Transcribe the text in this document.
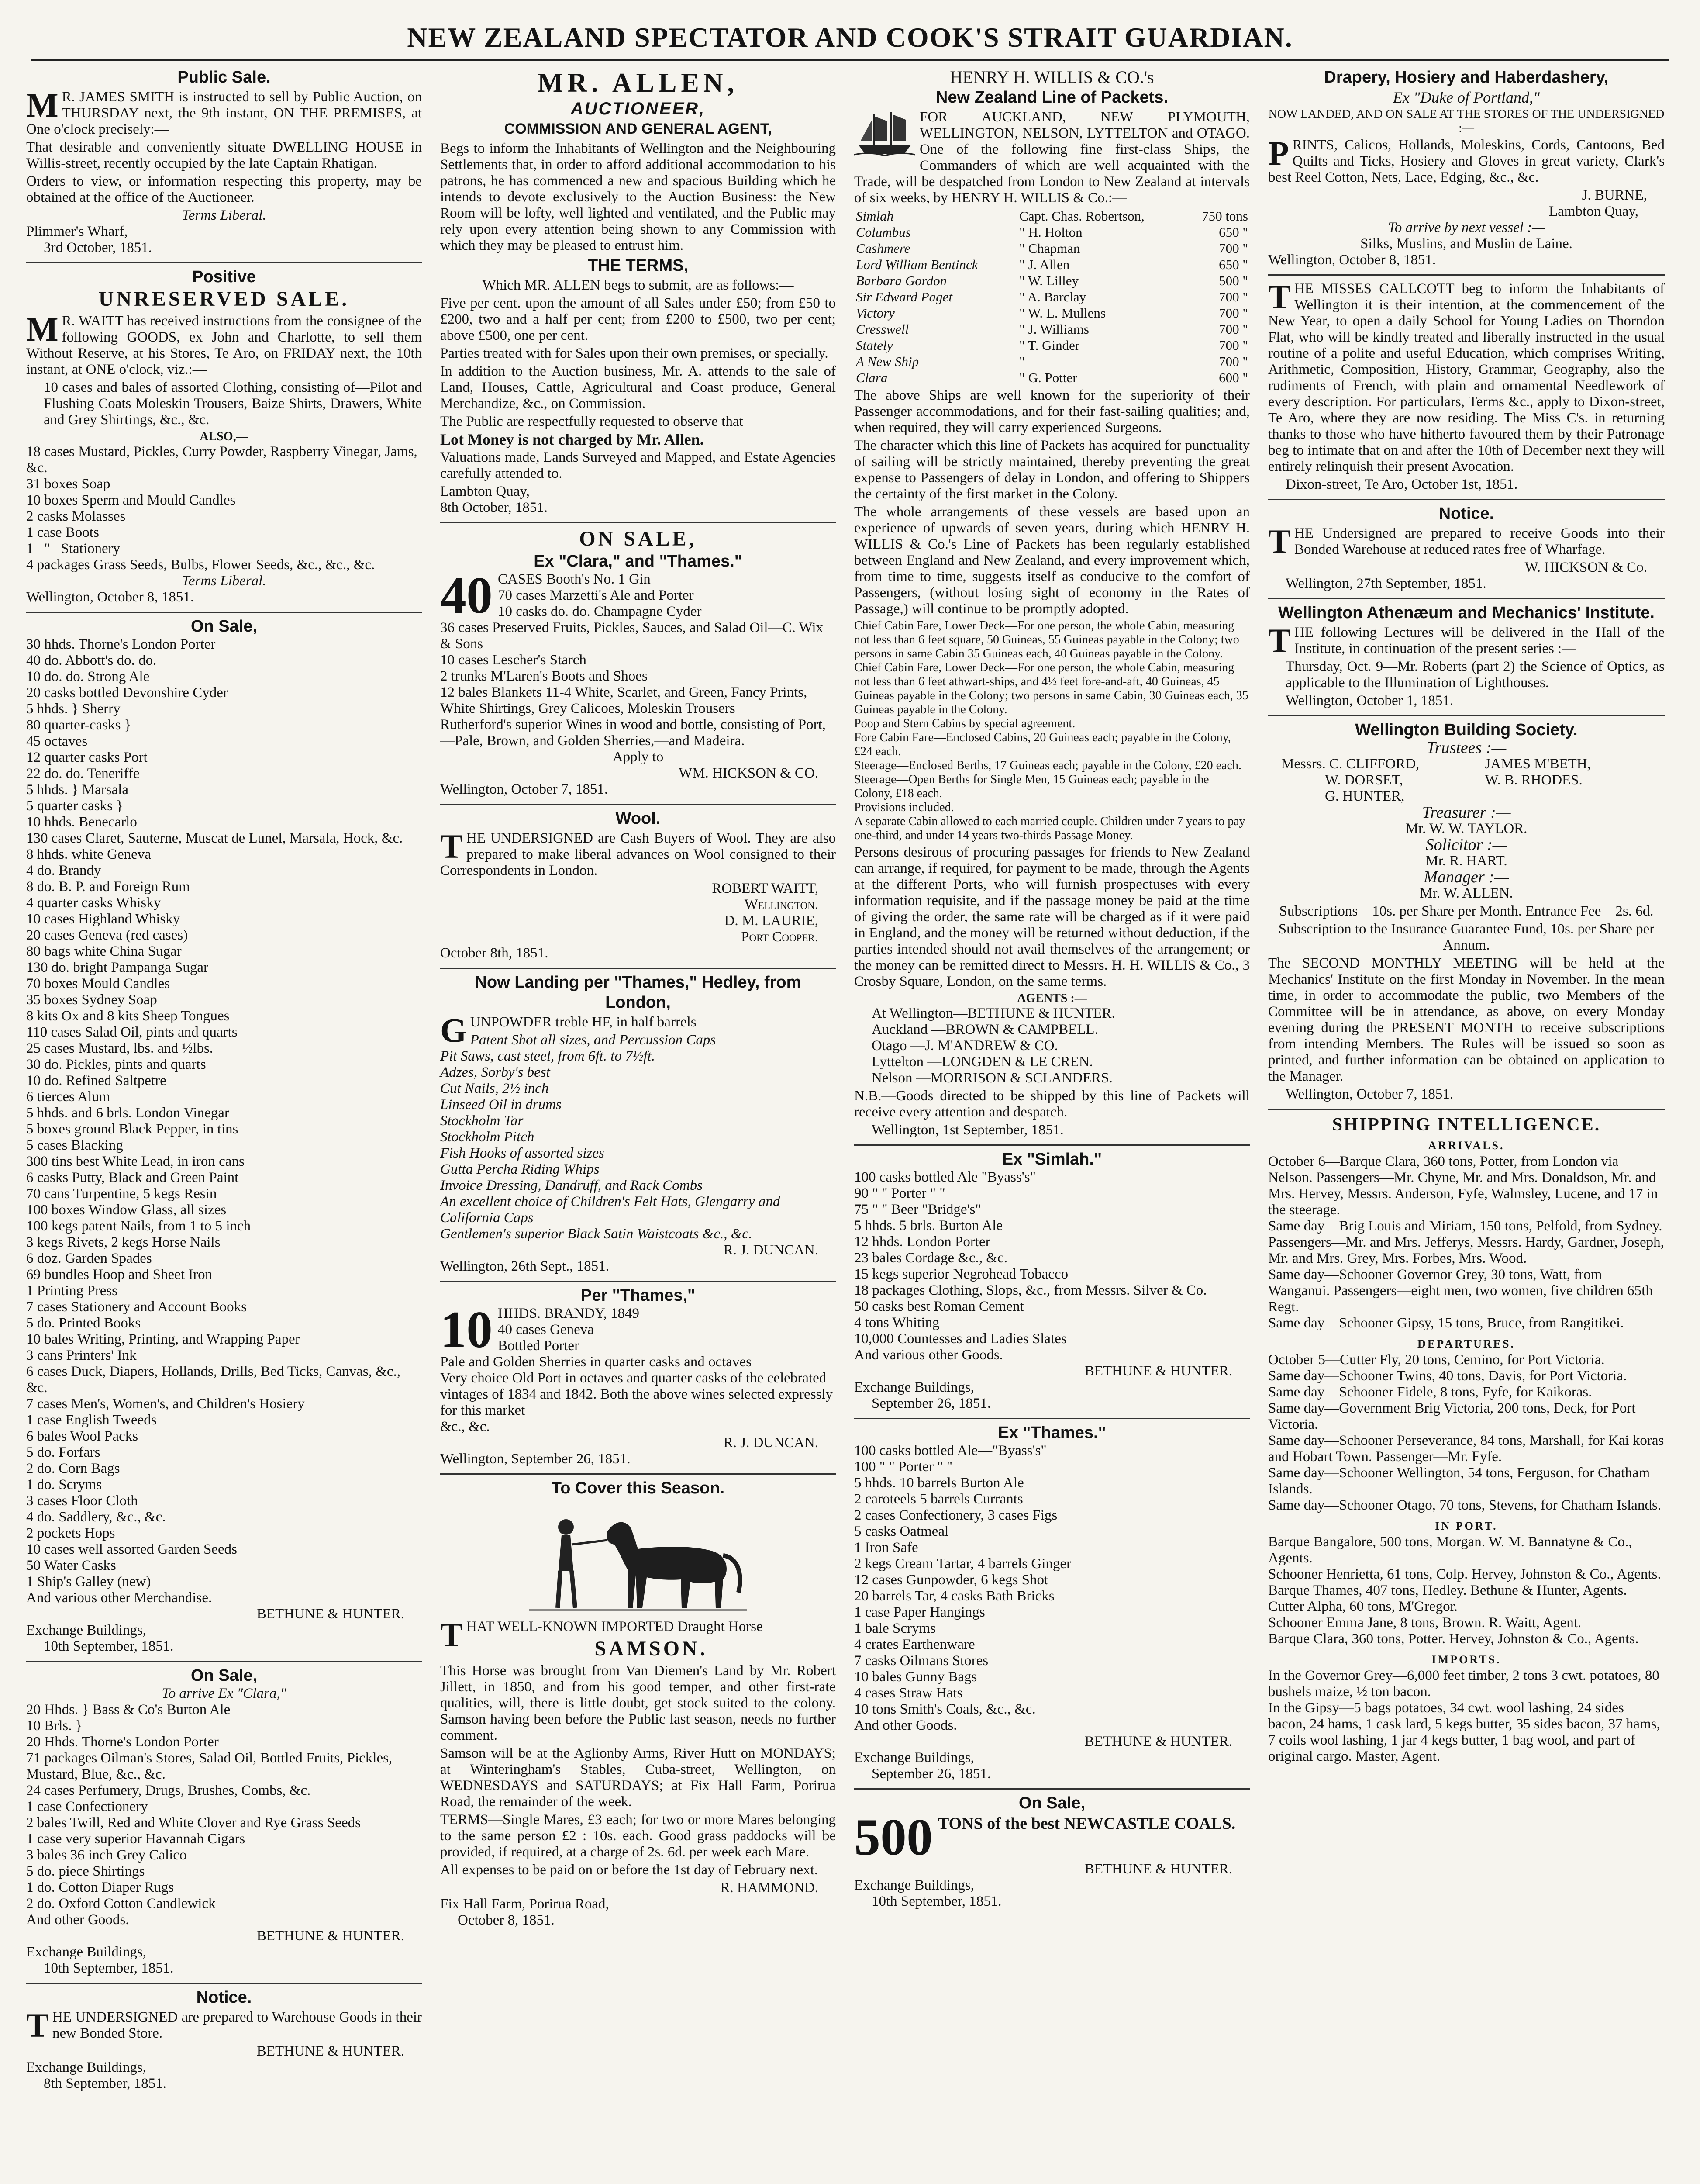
NEW ZEALAND SPECTATOR AND COOK'S STRAIT GUARDIAN.
Public Sale.

MR. JAMES SMITH is instructed to sell by Public Auction, on THURSDAY next, the 9th instant, ON THE PREMISES, at One o'clock precisely:—

That desirable and conveniently situate DWELLING HOUSE in Willis-street, recently occupied by the late Captain Rhatigan.

Orders to view, or information respecting this property, may be obtained at the office of the Auctioneer.

Terms Liberal.
Plimmer's Wharf,
3rd October, 1851.
Positive
UNRESERVED SALE.

MR. WAITT has received instructions from the consignee of the following GOODS, ex John and Charlotte, to sell them Without Reserve, at his Stores, Te Aro, on FRIDAY next, the 10th instant, at ONE o'clock, viz.:—

10 cases and bales of assorted Clothing, consisting of—Pilot and Flushing Coats Moleskin Trousers, Baize Shirts, Drawers, White and Grey Shirtings, &c., &c.

ALSO,—
18 cases Mustard, Pickles, Curry Powder, Raspberry Vinegar, Jams, &c.
31 boxes Soap
10 boxes Sperm and Mould Candles
2 casks Molasses
1 case Boots
1   "   Stationery
4 packages Grass Seeds, Bulbs, Flower Seeds, &c., &c., &c.
Terms Liberal.
Wellington, October 8, 1851.
On Sale,
30 hhds. Thorne's London Porter
40 do. Abbott's do. do.
10 do. do. Strong Ale
20 casks bottled Devonshire Cyder
5 hhds. } Sherry
80 quarter-casks }
45 octaves
12 quarter casks Port
22 do. do. Teneriffe
5 hhds. } Marsala
5 quarter casks }
10 hhds. Benecarlo
130 cases Claret, Sauterne, Muscat de Lunel, Marsala, Hock, &c.
8 hhds. white Geneva
4 do. Brandy
8 do. B. P. and Foreign Rum
4 quarter casks Whisky
10 cases Highland Whisky
20 cases Geneva (red cases)
80 bags white China Sugar
130 do. bright Pampanga Sugar
70 boxes Mould Candles
35 boxes Sydney Soap
8 kits Ox and 8 kits Sheep Tongues
110 cases Salad Oil, pints and quarts
25 cases Mustard, lbs. and ½lbs.
30 do. Pickles, pints and quarts
10 do. Refined Saltpetre
6 tierces Alum
5 hhds. and 6 brls. London Vinegar
5 boxes ground Black Pepper, in tins
5 cases Blacking
300 tins best White Lead, in iron cans
6 casks Putty, Black and Green Paint
70 cans Turpentine, 5 kegs Resin
100 boxes Window Glass, all sizes
100 kegs patent Nails, from 1 to 5 inch
3 kegs Rivets, 2 kegs Horse Nails
6 doz. Garden Spades
69 bundles Hoop and Sheet Iron
1 Printing Press
7 cases Stationery and Account Books
5 do. Printed Books
10 bales Writing, Printing, and Wrapping Paper
3 cans Printers' Ink
6 cases Duck, Diapers, Hollands, Drills, Bed Ticks, Canvas, &c., &c.
7 cases Men's, Women's, and Children's Hosiery
1 case English Tweeds
6 bales Wool Packs
5 do. Forfars
2 do. Corn Bags
1 do. Scryms
3 cases Floor Cloth
4 do. Saddlery, &c., &c.
2 pockets Hops
10 cases well assorted Garden Seeds
50 Water Casks
1 Ship's Galley (new)
And various other Merchandise.
BETHUNE & HUNTER.
Exchange Buildings,
10th September, 1851.
On Sale,
To arrive Ex "Clara,"
20 Hhds. } Bass & Co's Burton Ale
10 Brls. }
20 Hhds. Thorne's London Porter
71 packages Oilman's Stores, Salad Oil, Bottled Fruits, Pickles, Mustard, Blue, &c., &c.
24 cases Perfumery, Drugs, Brushes, Combs, &c.
1 case Confectionery
2 bales Twill, Red and White Clover and Rye Grass Seeds
1 case very superior Havannah Cigars
3 bales 36 inch Grey Calico
5 do. piece Shirtings
1 do. Cotton Diaper Rugs
2 do. Oxford Cotton Candlewick
And other Goods.
BETHUNE & HUNTER.
Exchange Buildings,
10th September, 1851.
Notice.

THE UNDERSIGNED are prepared to Warehouse Goods in their new Bonded Store.

BETHUNE & HUNTER.
Exchange Buildings,
8th September, 1851.
MR. ALLEN,
AUCTIONEER,
COMMISSION AND GENERAL AGENT,

Begs to inform the Inhabitants of Wellington and the Neighbouring Settlements that, in order to afford additional accommodation to his patrons, he has commenced a new and spacious Building which he intends to devote exclusively to the Auction Business: the New Room will be lofty, well lighted and ventilated, and the Public may rely upon every attention being shown to any Commission with which they may be pleased to entrust him.

THE TERMS,

Which MR. ALLEN begs to submit, are as follows:—

Five per cent. upon the amount of all Sales under £50; from £50 to £200, two and a half per cent; from £200 to £500, two per cent; above £500, one per cent.

Parties treated with for Sales upon their own premises, or specially.

In addition to the Auction business, Mr. A. attends to the sale of Land, Houses, Cattle, Agricultural and Coast produce, General Merchandize, &c., on Commission.

The Public are respectfully requested to observe that

Lot Money is not charged by Mr. Allen.

Valuations made, Lands Surveyed and Mapped, and Estate Agencies carefully attended to.

Lambton Quay,
8th October, 1851.
ON SALE,
Ex "Clara," and "Thames."
40 CASES Booth's No. 1 Gin
70 cases Marzetti's Ale and Porter
10 casks do. do. Champagne Cyder
36 cases Preserved Fruits, Pickles, Sauces, and Salad Oil—C. Wix & Sons
10 cases Lescher's Starch
2 trunks M'Laren's Boots and Shoes
12 bales Blankets 11-4 White, Scarlet, and Green, Fancy Prints, White Shirtings, Grey Calicoes, Moleskin Trousers
Rutherford's superior Wines in wood and bottle, consisting of Port,—Pale, Brown, and Golden Sherries,—and Madeira.
Apply to
WM. HICKSON & CO.
Wellington, October 7, 1851.
Wool.

THE UNDERSIGNED are Cash Buyers of Wool. They are also prepared to make liberal advances on Wool consigned to their Correspondents in London.

ROBERT WAITT,
Wellington.
D. M. LAURIE,
Port Cooper.
October 8th, 1851.
Now Landing per "Thames," Hedley, from London,

GUNPOWDER treble HF, in half barrels

Patent Shot all sizes, and Percussion Caps
Pit Saws, cast steel, from 6ft. to 7½ft.
Adzes, Sorby's best
Cut Nails, 2½ inch
Linseed Oil in drums
Stockholm Tar
Stockholm Pitch
Fish Hooks of assorted sizes
Gutta Percha Riding Whips
Invoice Dressing, Dandruff, and Rack Combs
An excellent choice of Children's Felt Hats, Glengarry and California Caps
Gentlemen's superior Black Satin Waistcoats &c., &c.
R. J. DUNCAN.
Wellington, 26th Sept., 1851.
Per "Thames,"
10 HHDS. BRANDY, 1849
40 cases Geneva
Bottled Porter
Pale and Golden Sherries in quarter casks and octaves
Very choice Old Port in octaves and quarter casks of the celebrated vintages of 1834 and 1842. Both the above wines selected expressly for this market
&c., &c.
R. J. DUNCAN.
Wellington, September 26, 1851.
To Cover this Season.

THAT WELL-KNOWN IMPORTED Draught Horse

SAMSON.

This Horse was brought from Van Diemen's Land by Mr. Robert Jillett, in 1850, and from his good temper, and other first-rate qualities, will, there is little doubt, get stock suited to the colony. Samson having been before the Public last season, needs no further comment.

Samson will be at the Aglionby Arms, River Hutt on MONDAYS; at Winteringham's Stables, Cuba-street, Wellington, on WEDNESDAYS and SATURDAYS; at Fix Hall Farm, Porirua Road, the remainder of the week.

TERMS—Single Mares, £3 each; for two or more Mares belonging to the same person £2 : 10s. each. Good grass paddocks will be provided, if required, at a charge of 2s. 6d. per week each Mare.

All expenses to be paid on or before the 1st day of February next.

R. HAMMOND.
Fix Hall Farm, Porirua Road,
October 8, 1851.
HENRY H. WILLIS & CO.'s
New Zealand Line of Packets.

FOR AUCKLAND, NEW PLYMOUTH, WELLINGTON, NELSON, LYTTELTON and OTAGO. One of the following fine first-class Ships, the Commanders of which are well acquainted with the Trade, will be despatched from London to New Zealand at intervals of six weeks, by HENRY H. WILLIS & Co.:—

Simlah	Capt. Chas. Robertson,	750 tons
Columbus	" H. Holton	650 "
Cashmere	" Chapman	700 "
Lord William Bentinck	" J. Allen	650 "
Barbara Gordon	" W. Lilley	500 "
Sir Edward Paget	" A. Barclay	700 "
Victory	" W. L. Mullens	700 "
Cresswell	" J. Williams	700 "
Stately	" T. Ginder	700 "
A New Ship	"	700 "
Clara	" G. Potter	600 "

The above Ships are well known for the superiority of their Passenger accommodations, and for their fast-sailing qualities; and, when required, they will carry experienced Surgeons.

The character which this line of Packets has acquired for punctuality of sailing will be strictly maintained, thereby preventing the great expense to Passengers of delay in London, and offering to Shippers the certainty of the first market in the Colony.

The whole arrangements of these vessels are based upon an experience of upwards of seven years, during which HENRY H. WILLIS & Co.'s Line of Packets has been regularly established between England and New Zealand, and every improvement which, from time to time, suggests itself as conducive to the comfort of Passengers, (without losing sight of economy in the Rates of Passage,) will continue to be promptly adopted.

Chief Cabin Fare, Lower Deck—For one person, the whole Cabin, measuring not less than 6 feet square, 50 Guineas, 55 Guineas payable in the Colony; two persons in same Cabin 35 Guineas each, 40 Guineas payable in the Colony.
Chief Cabin Fare, Lower Deck—For one person, the whole Cabin, measuring not less than 6 feet athwart-ships, and 4½ feet fore-and-aft, 40 Guineas, 45 Guineas payable in the Colony; two persons in same Cabin, 30 Guineas each, 35 Guineas payable in the Colony.
Poop and Stern Cabins by special agreement.
Fore Cabin Fare—Enclosed Cabins, 20 Guineas each; payable in the Colony, £24 each.
Steerage—Enclosed Berths, 17 Guineas each; payable in the Colony, £20 each.
Steerage—Open Berths for Single Men, 15 Guineas each; payable in the Colony, £18 each.
Provisions included.
A separate Cabin allowed to each married couple. Children under 7 years to pay one-third, and under 14 years two-thirds Passage Money.

Persons desirous of procuring passages for friends to New Zealand can arrange, if required, for payment to be made, through the Agents at the different Ports, who will furnish prospectuses with every information requisite, and if the passage money be paid at the time of giving the order, the same rate will be charged as if it were paid in England, and the money will be returned without deduction, if the parties intended should not avail themselves of the arrangement; or the money can be remitted direct to Messrs. H. H. WILLIS & Co., 3 Crosby Square, London, on the same terms.

AGENTS :—
At Wellington—BETHUNE & HUNTER.
Auckland —BROWN & CAMPBELL.
Otago —J. M'ANDREW & CO.
Lyttelton —LONGDEN & LE CREN.
Nelson —MORRISON & SCLANDERS.

N.B.—Goods directed to be shipped by this line of Packets will receive every attention and despatch.

Wellington, 1st September, 1851.
Ex "Simlah."
100 casks bottled Ale "Byass's"
90 " " Porter " "
75 " " Beer "Bridge's"
5 hhds. 5 brls. Burton Ale
12 hhds. London Porter
23 bales Cordage &c., &c.
15 kegs superior Negrohead Tobacco
18 packages Clothing, Slops, &c., from Messrs. Silver & Co.
50 casks best Roman Cement
4 tons Whiting
10,000 Countesses and Ladies Slates
And various other Goods.
BETHUNE & HUNTER.
Exchange Buildings,
September 26, 1851.
Ex "Thames."
100 casks bottled Ale—"Byass's"
100 " " Porter " "
5 hhds. 10 barrels Burton Ale
2 caroteels 5 barrels Currants
2 cases Confectionery, 3 cases Figs
5 casks Oatmeal
1 Iron Safe
2 kegs Cream Tartar, 4 barrels Ginger
12 cases Gunpowder, 6 kegs Shot
20 barrels Tar, 4 casks Bath Bricks
1 case Paper Hangings
1 bale Scryms
4 crates Earthenware
7 casks Oilmans Stores
10 bales Gunny Bags
4 cases Straw Hats
10 tons Smith's Coals, &c., &c.
And other Goods.
BETHUNE & HUNTER.
Exchange Buildings,
September 26, 1851.
On Sale,
500 TONS of the best NEWCASTLE COALS.
BETHUNE & HUNTER.
Exchange Buildings,
10th September, 1851.
Drapery, Hosiery and Haberdashery,
Ex "Duke of Portland,"
NOW LANDED, AND ON SALE AT THE STORES OF THE UNDERSIGNED :—

PRINTS, Calicos, Hollands, Moleskins, Cords, Cantoons, Bed Quilts and Ticks, Hosiery and Gloves in great variety, Clark's best Reel Cotton, Nets, Lace, Edging, &c., &c.

J. BURNE,
Lambton Quay,
To arrive by next vessel :—
Silks, Muslins, and Muslin de Laine.
Wellington, October 8, 1851.

THE MISSES CALLCOTT beg to inform the Inhabitants of Wellington it is their intention, at the commencement of the New Year, to open a daily School for Young Ladies on Thorndon Flat, who will be kindly treated and liberally instructed in the usual routine of a polite and useful Education, which comprises Writing, Arithmetic, Composition, History, Grammar, Geography, also the rudiments of French, with plain and ornamental Needlework of every description. For particulars, Terms &c., apply to Dixon-street, Te Aro, where they are now residing. The Miss C's. in returning thanks to those who have hitherto favoured them by their Patronage beg to intimate that on and after the 10th of December next they will entirely relinquish their present Avocation.

Dixon-street, Te Aro, October 1st, 1851.
Notice.

THE Undersigned are prepared to receive Goods into their Bonded Warehouse at reduced rates free of Wharfage.

W. HICKSON & Co.
Wellington, 27th September, 1851.
Wellington Athenæum and Mechanics' Institute.

THE following Lectures will be delivered in the Hall of the Institute, in continuation of the present series :—

Thursday, Oct. 9—Mr. Roberts (part 2) the Science of Optics, as applicable to the Illumination of Lighthouses.

Wellington, October 1, 1851.
Wellington Building Society.
Trustees :—
Messrs. C. CLIFFORD,	JAMES M'BETH,
W. DORSET,	W. B. RHODES.
G. HUNTER,
Treasurer :—
Mr. W. W. TAYLOR.
Solicitor :—
Mr. R. HART.
Manager :—
Mr. W. ALLEN.

Subscriptions—10s. per Share per Month. Entrance Fee—2s. 6d.

Subscription to the Insurance Guarantee Fund, 10s. per Share per Annum.

The SECOND MONTHLY MEETING will be held at the Mechanics' Institute on the first Monday in November. In the mean time, in order to accommodate the public, two Members of the Committee will be in attendance, as above, on every Monday evening during the PRESENT MONTH to receive subscriptions from intending Members. The Rules will be issued so soon as printed, and further information can be obtained on application to the Manager.

Wellington, October 7, 1851.
SHIPPING INTELLIGENCE.
ARRIVALS.
October 6—Barque Clara, 360 tons, Potter, from London via Nelson. Passengers—Mr. Chyne, Mr. and Mrs. Donaldson, Mr. and Mrs. Hervey, Messrs. Anderson, Fyfe, Walmsley, Lucene, and 17 in the steerage.
Same day—Brig Louis and Miriam, 150 tons, Pelfold, from Sydney. Passengers—Mr. and Mrs. Jefferys, Messrs. Hardy, Gardner, Joseph, Mr. and Mrs. Grey, Mrs. Forbes, Mrs. Wood.
Same day—Schooner Governor Grey, 30 tons, Watt, from Wanganui. Passengers—eight men, two women, five children 65th Regt.
Same day—Schooner Gipsy, 15 tons, Bruce, from Rangitikei.
DEPARTURES.
October 5—Cutter Fly, 20 tons, Cemino, for Port Victoria.
Same day—Schooner Twins, 40 tons, Davis, for Port Victoria.
Same day—Schooner Fidele, 8 tons, Fyfe, for Kaikoras.
Same day—Government Brig Victoria, 200 tons, Deck, for Port Victoria.
Same day—Schooner Perseverance, 84 tons, Marshall, for Kai koras and Hobart Town. Passenger—Mr. Fyfe.
Same day—Schooner Wellington, 54 tons, Ferguson, for Chatham Islands.
Same day—Schooner Otago, 70 tons, Stevens, for Chatham Islands.
IN PORT.
Barque Bangalore, 500 tons, Morgan. W. M. Bannatyne & Co., Agents.
Schooner Henrietta, 61 tons, Colp. Hervey, Johnston & Co., Agents.
Barque Thames, 407 tons, Hedley. Bethune & Hunter, Agents.
Cutter Alpha, 60 tons, M'Gregor.
Schooner Emma Jane, 8 tons, Brown. R. Waitt, Agent.
Barque Clara, 360 tons, Potter. Hervey, Johnston & Co., Agents.
IMPORTS.
In the Governor Grey—6,000 feet timber, 2 tons 3 cwt. potatoes, 80 bushels maize, ½ ton bacon.
In the Gipsy—5 bags potatoes, 34 cwt. wool lashing, 24 sides bacon, 24 hams, 1 cask lard, 5 kegs butter, 35 sides bacon, 37 hams, 7 coils wool lashing, 1 jar 4 kegs butter, 1 bag wool, and part of original cargo. Master, Agent.
